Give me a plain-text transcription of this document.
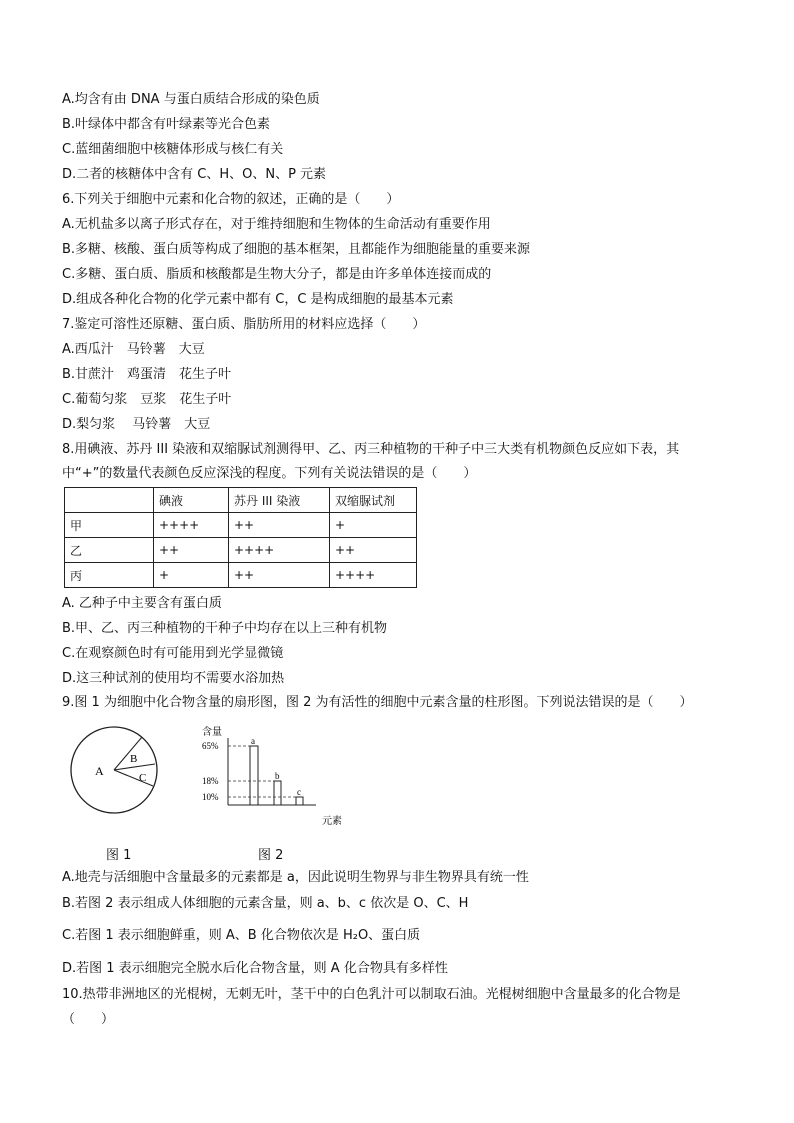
A.均含有由 DNA 与蛋白质结合形成的染色质
B.叶绿体中都含有叶绿素等光合色素
C.蓝细菌细胞中核糖体形成与核仁有关
D.二者的核糖体中含有 C、H、O、N、P 元素
6.下列关于细胞中元素和化合物的叙述，正确的是（　　）
A.无机盐多以离子形式存在，对于维持细胞和生物体的生命活动有重要作用
B.多糖、核酸、蛋白质等构成了细胞的基本框架，且都能作为细胞能量的重要来源
C.多糖、蛋白质、脂质和核酸都是生物大分子，都是由许多单体连接而成的
D.组成各种化合物的化学元素中都有 C，C 是构成细胞的最基本元素
7.鉴定可溶性还原糖、蛋白质、脂肪所用的材料应选择（　　）
A.西瓜汁　马铃薯　大豆
B.甘蔗汁　鸡蛋清　花生子叶
C.葡萄匀浆　豆浆　花生子叶
D.梨匀浆　 马铃薯　大豆
8.用碘液、苏丹 III 染液和双缩脲试剂测得甲、乙、丙三种植物的干种子中三大类有机物颜色反应如下表，其
中“+”的数量代表颜色反应深浅的程度。下列有关说法错误的是（　　）
	碘液	苏丹 III 染液	双缩脲试剂
甲	++++	++	+
乙	++	++++	++
丙	+	++	++++
A. 乙种子中主要含有蛋白质
B.甲、乙、丙三种植物的干种子中均存在以上三种有机物
C.在观察颜色时有可能用到光学显微镜
D.这三种试剂的使用均不需要水浴加热
9.图 1 为细胞中化合物含量的扇形图，图 2 为有活性的细胞中元素含量的柱形图。下列说法错误的是（　　）
A
B
C
图 1
含量
元素
a
b
c
10%
18%
65%
图 2
A.地壳与活细胞中含量最多的元素都是 a，因此说明生物界与非生物界具有统一性
B.若图 2 表示组成人体细胞的元素含量，则 a、b、c 依次是 O、C、H
C.若图 1 表示细胞鲜重，则 A、B 化合物依次是 H₂O、蛋白质
D.若图 1 表示细胞完全脱水后化合物含量，则 A 化合物具有多样性
10.热带非洲地区的光棍树，无刺无叶，茎干中的白色乳汁可以制取石油。光棍树细胞中含量最多的化合物是
（　　）
